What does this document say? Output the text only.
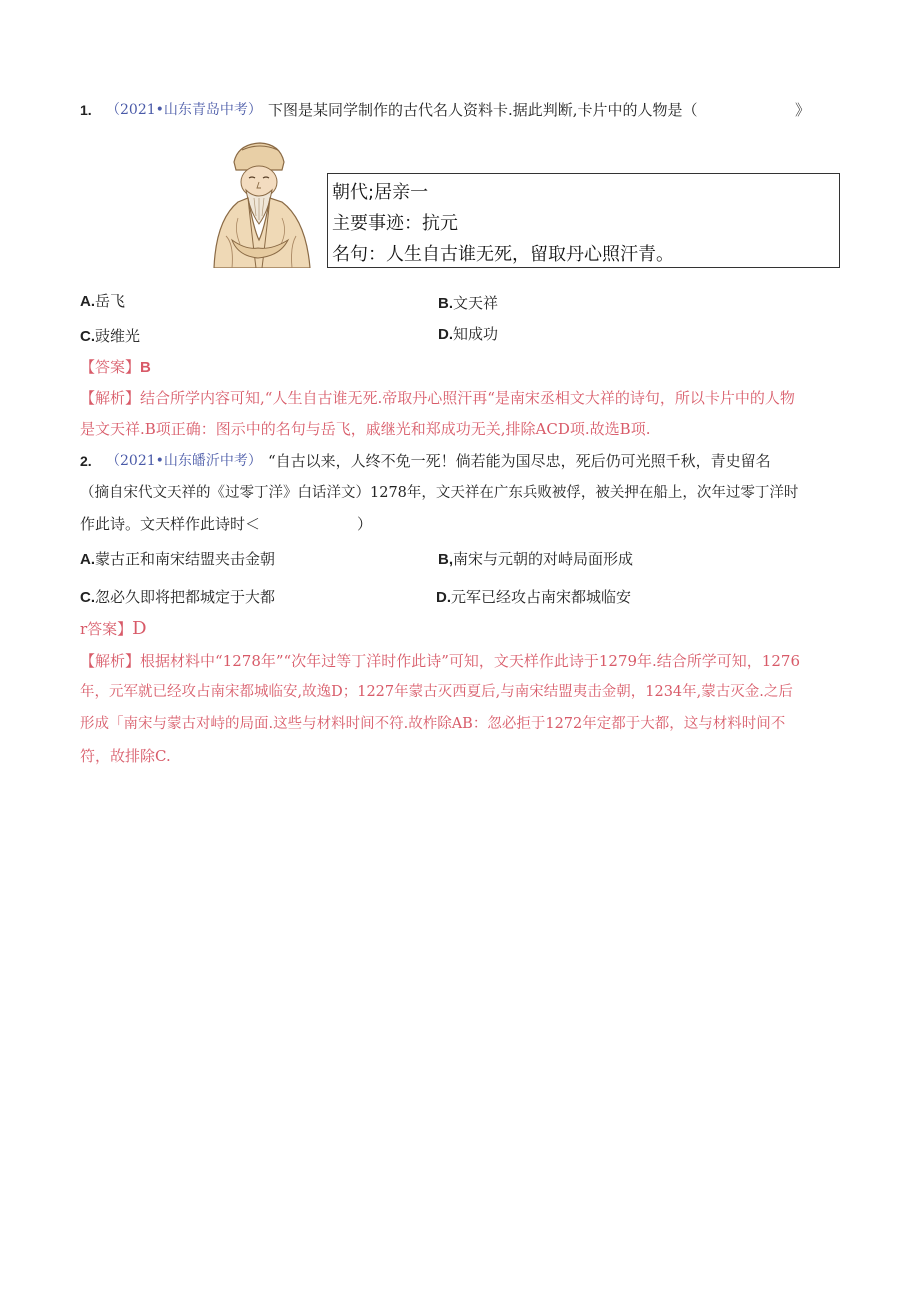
1. （2021•山东青岛中考） 下图是某同学制作的古代名人资料卡.据此判断,卡片中的人物是（	》
朝代;居亲一
主要事迹：抗元
名句：人生自古谁无死，留取丹心照汗青。
A.岳飞	B.文天祥
C.豉维光	D.知成功
【答案】B
【解析】结合所学内容可知,“人生自古谁无死.帝取丹心照汗再“是南宋丞相文大祥的诗句，所以卡片中的人物
是文天祥.B项正确：图示中的名句与岳飞，戚继光和郑成功无关,排除ACD项.故选B项.
2. （2021•山东皤沂中考） “自古以来，人终不免一死！倘若能为国尽忠，死后仍可光照千秋，青史留名
（摘自宋代文天祥的《过零丁洋》白话洋文）1278年，文天祥在广东兵败被俘，被关押在船上，次年过零丁洋时
作此诗。文天样作此诗时＜	）
A.蒙古正和南宋结盟夹击金朝	B,南宋与元朝的对峙局面形成
C.忽必久即将把都城定于大都	D.元军已经攻占南宋都城临安
r答案】D
【解析】根据材料中“1278年”“次年过等丁洋时作此诗”可知，文天样作此诗于1279年.结合所学可知，1276
年，元军就已经攻占南宋都城临安,故逸D；1227年蒙古灭西夏后,与南宋结盟夷击金朝，1234年,蒙古灭金.之后
形成「南宋与蒙古对峙的局面.这些与材料时间不符.故柞除AB：忽必拒于1272年定都于大都，这与材料时间不
符，故排除C.
